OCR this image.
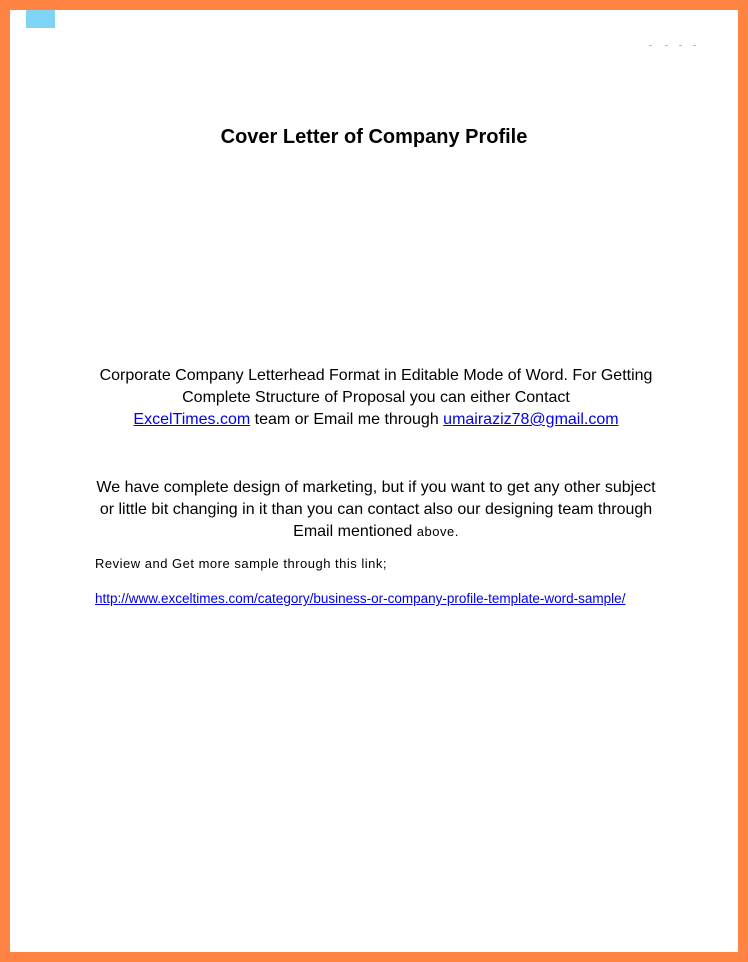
Cover Letter of Company Profile
Corporate Company Letterhead Format in Editable Mode of Word. For Getting Complete Structure of Proposal you can either Contact
ExcelTimes.com team or Email me through umairaziz78@gmail.com
We have complete design of marketing, but if you want to get any other subject or little bit changing in it than you can contact also our designing team through Email mentioned above.
Review and Get more sample through this link;
http://www.exceltimes.com/category/business-or-company-profile-template-word-sample/
